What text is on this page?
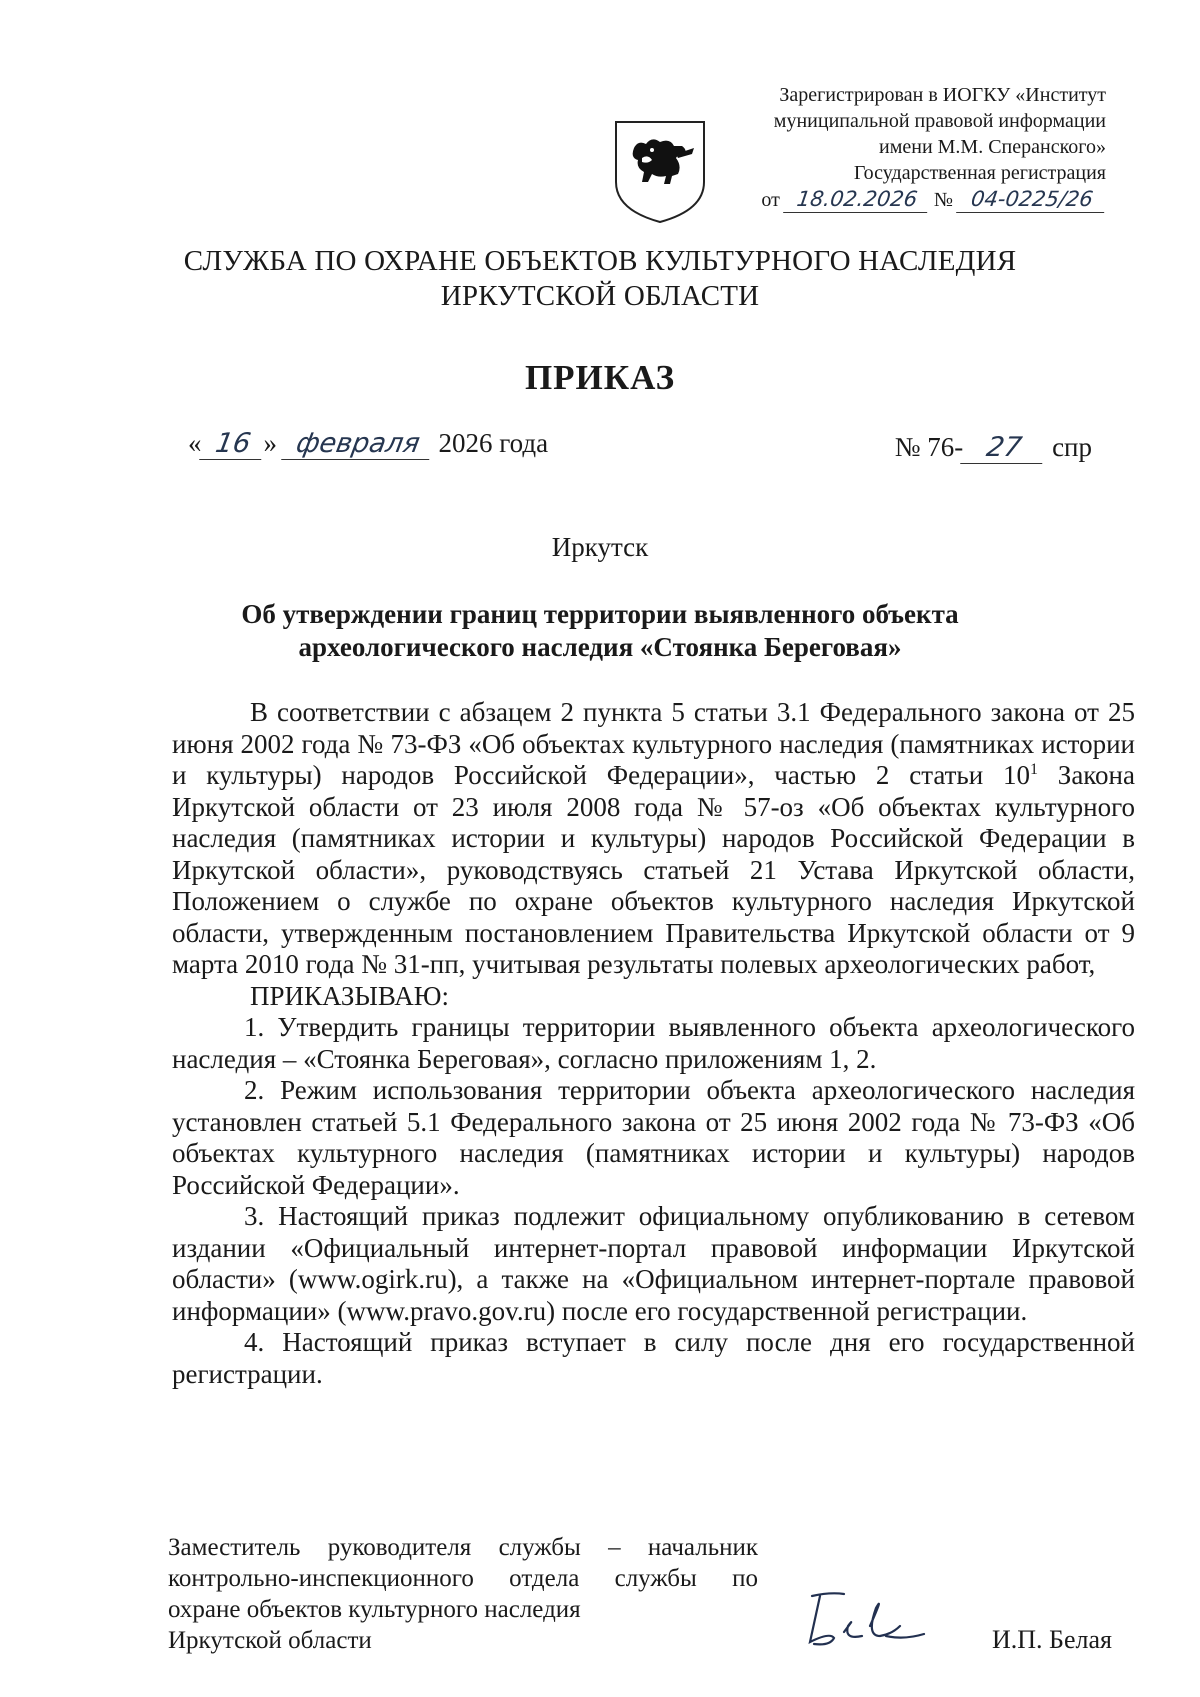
Зарегистрирован в ИОГКУ «Институт
муниципальной правовой информации
имени М.М. Сперанского»
Государственная регистрация
от 18.02.2026 № 04-0225/26
СЛУЖБА ПО ОХРАНЕ ОБЪЕКТОВ КУЛЬТУРНОГО НАСЛЕДИЯ
ИРКУТСКОЙ ОБЛАСТИ
ПРИКАЗ
« 16 » февраля 2026 года	№ 76- 27 спр
Иркутск
Об утверждении границ территории выявленного объекта
археологического наследия «Стоянка Береговая»

В соответствии с абзацем 2 пункта 5 статьи 3.1 Федерального закона от 25 июня 2002 года № 73-ФЗ «Об объектах культурного наследия (памятниках истории и культуры) народов Российской Федерации», частью 2 статьи $10^1$ Закона Иркутской области от 23 июля 2008 года № 57-оз «Об объектах культурного наследия (памятниках истории и культуры) народов Российской Федерации в Иркутской области», руководствуясь статьей 21 Устава Иркутской области, Положением о службе по охране объектов культурного наследия Иркутской области, утвержденным постановлением Правительства Иркутской области от 9 марта 2010 года № 31-пп, учитывая результаты полевых археологических работ,

ПРИКАЗЫВАЮ:

1. Утвердить границы территории выявленного объекта археологического наследия – «Стоянка Береговая», согласно приложениям 1, 2.

2. Режим использования территории объекта археологического наследия установлен статьей 5.1 Федерального закона от 25 июня 2002 года № 73-ФЗ «Об объектах культурного наследия (памятниках истории и культуры) народов Российской Федерации».

3. Настоящий приказ подлежит официальному опубликованию в сетевом издании «Официальный интернет-портал правовой информации Иркутской области» (www.ogirk.ru), а также на «Официальном интернет-портале правовой информации» (www.pravo.gov.ru) после его государственной регистрации.

4. Настоящий приказ вступает в силу после дня его государственной регистрации.

Заместитель руководителя службы – начальник
контрольно-инспекционного отдела службы по
охране объектов культурного наследия
Иркутской области	И.П. Белая
